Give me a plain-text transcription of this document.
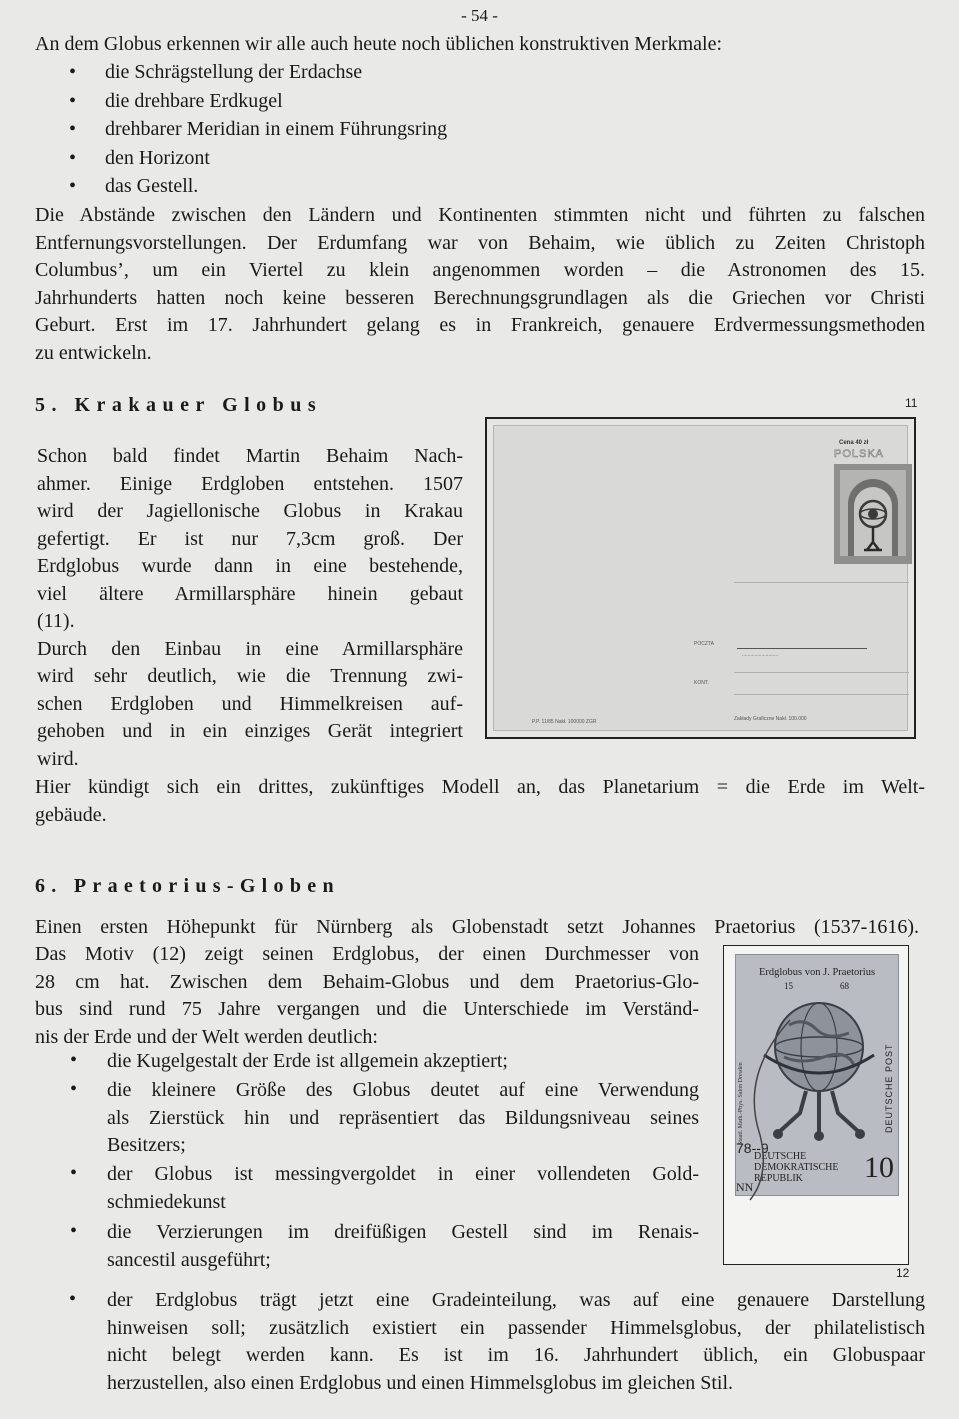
- 54 -
An dem Globus erkennen wir alle auch heute noch üblichen konstruktiven Merkmale:
• die Schrägstellung der Erdachse
• die drehbare Erdkugel
• drehbarer Meridian in einem Führungsring
• den Horizont
• das Gestell.
Die Abstände zwischen den Ländern und Kontinenten stimmten nicht und führten zu falschen
Entfernungsvorstellungen. Der Erdumfang war von Behaim, wie üblich zu Zeiten Christoph
Columbus’, um ein Viertel zu klein angenommen worden – die Astronomen des 15.
Jahrhunderts hatten noch keine besseren Berechnungsgrundlagen als die Griechen vor Christi
Geburt. Erst im 17. Jahrhundert gelang es in Frankreich, genauere Erdvermessungsmethoden
zu entwickeln.
5. Krakauer Globus	11
Schon bald findet Martin Behaim Nach-
ahmer. Einige Erdgloben entstehen. 1507
wird der Jagiellonische Globus in Krakau
gefertigt. Er ist nur 7,3cm groß. Der
Erdglobus wurde dann in eine bestehende,
viel ältere Armillarsphäre hinein gebaut
(11).
Durch den Einbau in eine Armillarsphäre
wird sehr deutlich, wie die Trennung zwi-
schen Erdgloben und Himmelkreisen auf-
gehoben und in ein einziges Gerät integriert
wird.
Cena 40 zł
POLSKA
POCZTA
..........................
KONT.
P.P. 11/85 Nakł. 100000 ZGR	Zakłady Graficzne Nakł. 100.000
Hier kündigt sich ein drittes, zukünftiges Modell an, das Planetarium = die Erde im Welt-
gebäude.
6. Praetorius-Globen
Einen ersten Höhepunkt für Nürnberg als Globenstadt setzt Johannes Praetorius (1537-1616).
Das Motiv (12) zeigt seinen Erdglobus, der einen Durchmesser von
28 cm hat. Zwischen dem Behaim-Globus und dem Praetorius-Glo-
bus sind rund 75 Jahre vergangen und die Unterschiede im Verständ-
nis der Erde und der Welt werden deutlich:
• die Kugelgestalt der Erde ist allgemein akzeptiert;
• die kleinere Größe des Globus deutet auf eine Verwendung
als Zierstück hin und repräsentiert das Bildungsniveau seines
Besitzers;
• der Globus ist messingvergoldet in einer vollendeten Gold-
schmiedekunst
• die Verzierungen im dreifüßigen Gestell sind im Renais-
sancestil ausgeführt;
Erdglobus von J. Praetorius
15	68
DEUTSCHE POST
Staatl. Math.-Phys. Salon Dresden
78--9
DEUTSCHE
DEMOKRATISCHE
REPUBLIK	10
NN
12
• der Erdglobus trägt jetzt eine Gradeinteilung, was auf eine genauere Darstellung
hinweisen soll; zusätzlich existiert ein passender Himmelsglobus, der philatelistisch
nicht belegt werden kann. Es ist im 16. Jahrhundert üblich, ein Globuspaar
herzustellen, also einen Erdglobus und einen Himmelsglobus im gleichen Stil.
